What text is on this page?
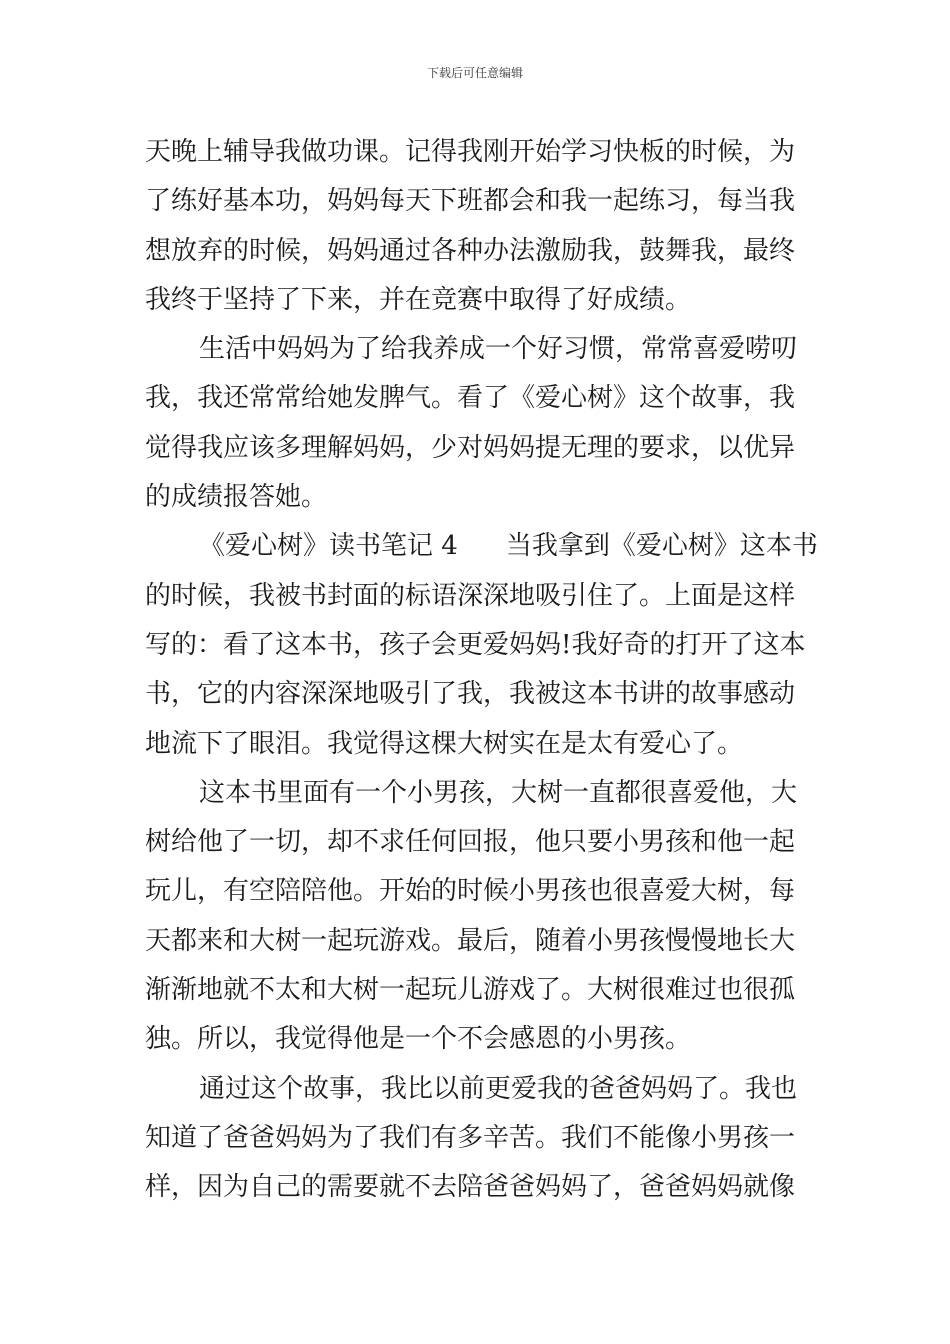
下载后可任意编辑
天晚上辅导我做功课。记得我刚开始学习快板的时候，为
了练好基本功，妈妈每天下班都会和我一起练习，每当我
想放弃的时候，妈妈通过各种办法激励我，鼓舞我，最终
我终于坚持了下来，并在竞赛中取得了好成绩。
生活中妈妈为了给我养成一个好习惯，常常喜爱唠叨
我，我还常常给她发脾气。看了《爱心树》这个故事，我
觉得我应该多理解妈妈，少对妈妈提无理的要求，以优异
的成绩报答她。
《爱心树》读书笔记 4 当我拿到《爱心树》这本书
的时候，我被书封面的标语深深地吸引住了。上面是这样
写的：看了这本书，孩子会更爱妈妈!我好奇的打开了这本
书，它的内容深深地吸引了我，我被这本书讲的故事感动
地流下了眼泪。我觉得这棵大树实在是太有爱心了。
这本书里面有一个小男孩，大树一直都很喜爱他，大
树给他了一切，却不求任何回报，他只要小男孩和他一起
玩儿，有空陪陪他。开始的时候小男孩也很喜爱大树，每
天都来和大树一起玩游戏。最后，随着小男孩慢慢地长大
渐渐地就不太和大树一起玩儿游戏了。大树很难过也很孤
独。所以，我觉得他是一个不会感恩的小男孩。
通过这个故事，我比以前更爱我的爸爸妈妈了。我也
知道了爸爸妈妈为了我们有多辛苦。我们不能像小男孩一
样，因为自己的需要就不去陪爸爸妈妈了，爸爸妈妈就像
